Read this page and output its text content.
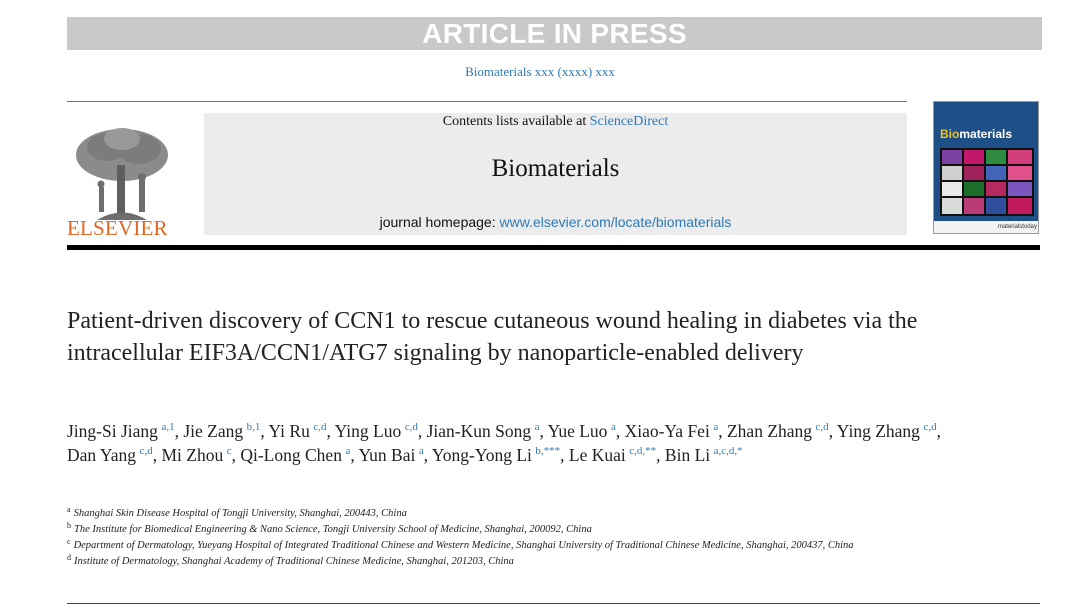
ARTICLE IN PRESS
Biomaterials xxx (xxxx) xxx
ELSEVIER
Contents lists available at ScienceDirect
Biomaterials
journal homepage: www.elsevier.com/locate/biomaterials
Biomaterials
materialstoday
Patient-driven discovery of CCN1 to rescue cutaneous wound healing in diabetes via the intracellular EIF3A/CCN1/ATG7 signaling by nanoparticle-enabled delivery
Jing-Si Jiang  $^{a,1}$, Jie Zang  $^{b,1}$, Yi Ru  $^{c,d}$, Ying Luo  $^{c,d}$, Jian-Kun Song  $^a$, Yue Luo  $^a$, Xiao-Ya Fei  $^a$, Zhan Zhang  $^{c,d}$, Ying Zhang  $^{c,d}$, Dan Yang  $^{c,d}$, Mi Zhou  $^c$, Qi-Long Chen  $^a$, Yun Bai  $^a$, Yong-Yong Li  $^{b,***}$, Le Kuai  $^{c,d,**}$, Bin Li  $^{a,c,d,*}$
$^a$ Shanghai Skin Disease Hospital of Tongji University, Shanghai, 200443, China
$^b$ The Institute for Biomedical Engineering & Nano Science, Tongji University School of Medicine, Shanghai, 200092, China
$^c$ Department of Dermatology, Yueyang Hospital of Integrated Traditional Chinese and Western Medicine, Shanghai University of Traditional Chinese Medicine, Shanghai, 200437, China
$^d$ Institute of Dermatology, Shanghai Academy of Traditional Chinese Medicine, Shanghai, 201203, China
